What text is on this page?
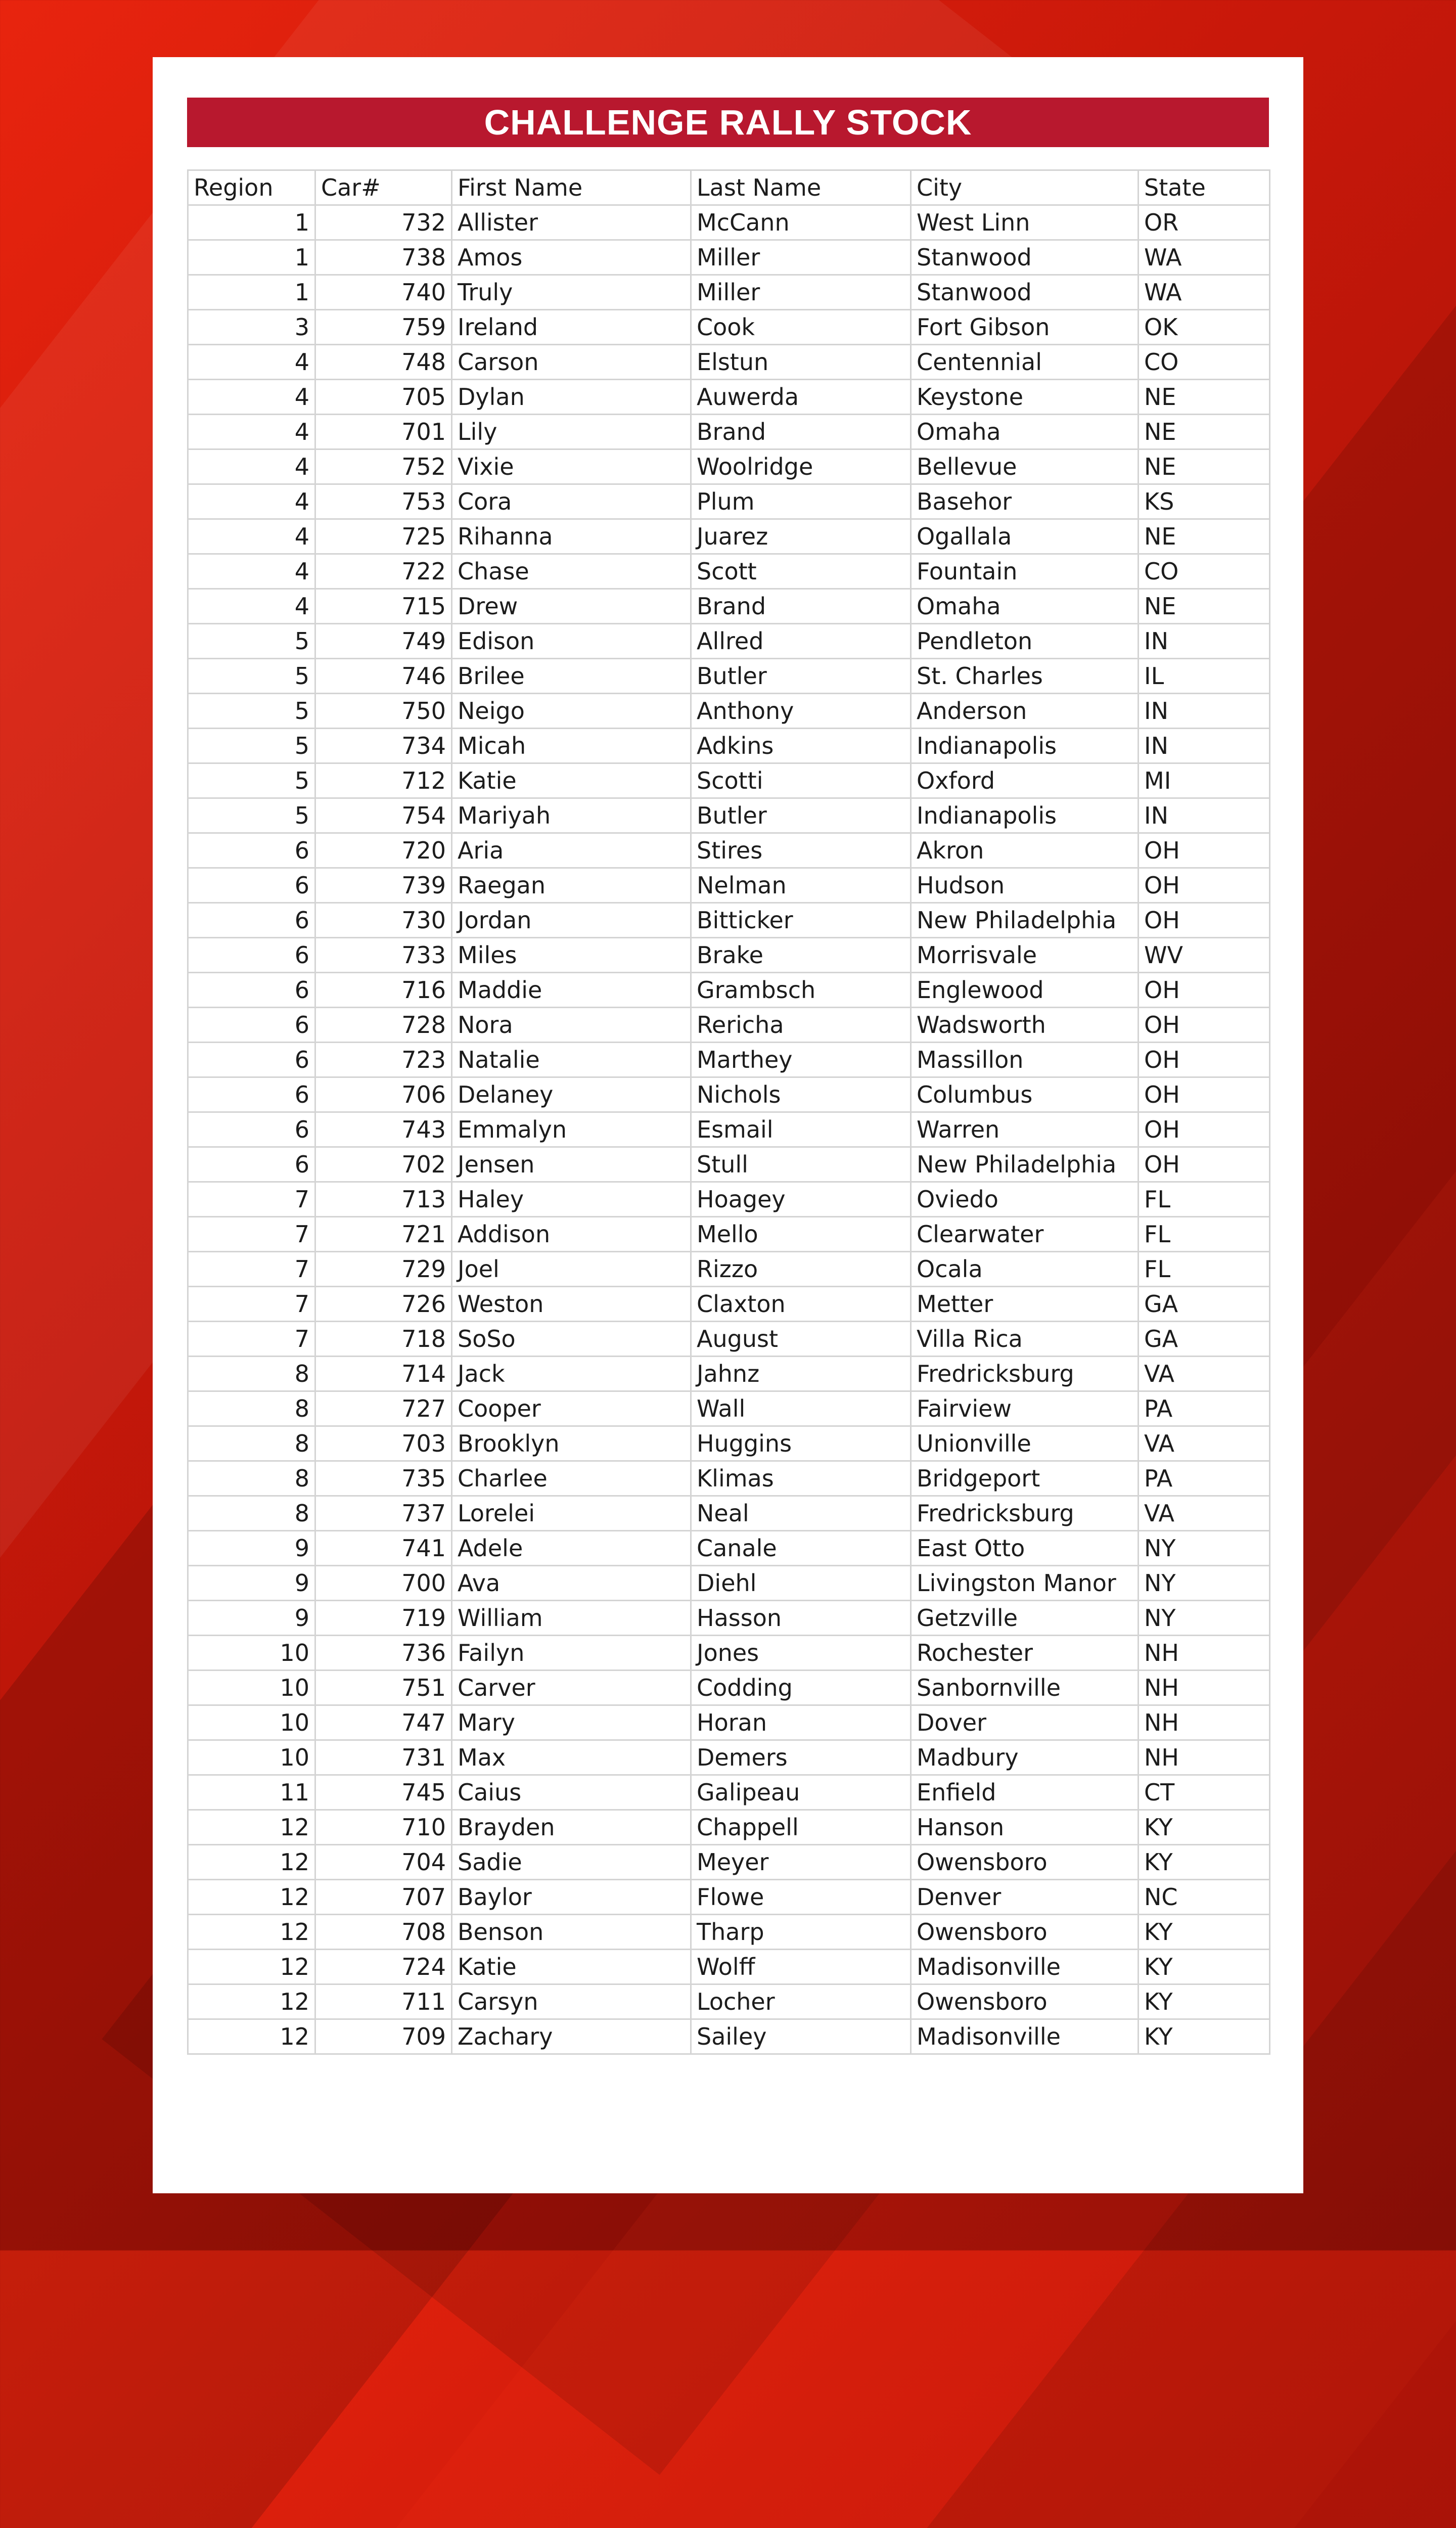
CHALLENGE RALLY STOCK
Region	Car#	First Name	Last Name	City	State
1	732	Allister	McCann	West Linn	OR
1	738	Amos	Miller	Stanwood	WA
1	740	Truly	Miller	Stanwood	WA
3	759	Ireland	Cook	Fort Gibson	OK
4	748	Carson	Elstun	Centennial	CO
4	705	Dylan	Auwerda	Keystone	NE
4	701	Lily	Brand	Omaha	NE
4	752	Vixie	Woolridge	Bellevue	NE
4	753	Cora	Plum	Basehor	KS
4	725	Rihanna	Juarez	Ogallala	NE
4	722	Chase	Scott	Fountain	CO
4	715	Drew	Brand	Omaha	NE
5	749	Edison	Allred	Pendleton	IN
5	746	Brilee	Butler	St. Charles	IL
5	750	Neigo	Anthony	Anderson	IN
5	734	Micah	Adkins	Indianapolis	IN
5	712	Katie	Scotti	Oxford	MI
5	754	Mariyah	Butler	Indianapolis	IN
6	720	Aria	Stires	Akron	OH
6	739	Raegan	Nelman	Hudson	OH
6	730	Jordan	Bitticker	New Philadelphia	OH
6	733	Miles	Brake	Morrisvale	WV
6	716	Maddie	Grambsch	Englewood	OH
6	728	Nora	Rericha	Wadsworth	OH
6	723	Natalie	Marthey	Massillon	OH
6	706	Delaney	Nichols	Columbus	OH
6	743	Emmalyn	Esmail	Warren	OH
6	702	Jensen	Stull	New Philadelphia	OH
7	713	Haley	Hoagey	Oviedo	FL
7	721	Addison	Mello	Clearwater	FL
7	729	Joel	Rizzo	Ocala	FL
7	726	Weston	Claxton	Metter	GA
7	718	SoSo	August	Villa Rica	GA
8	714	Jack	Jahnz	Fredricksburg	VA
8	727	Cooper	Wall	Fairview	PA
8	703	Brooklyn	Huggins	Unionville	VA
8	735	Charlee	Klimas	Bridgeport	PA
8	737	Lorelei	Neal	Fredricksburg	VA
9	741	Adele	Canale	East Otto	NY
9	700	Ava	Diehl	Livingston Manor	NY
9	719	William	Hasson	Getzville	NY
10	736	Failyn	Jones	Rochester	NH
10	751	Carver	Codding	Sanbornville	NH
10	747	Mary	Horan	Dover	NH
10	731	Max	Demers	Madbury	NH
11	745	Caius	Galipeau	Enfield	CT
12	710	Brayden	Chappell	Hanson	KY
12	704	Sadie	Meyer	Owensboro	KY
12	707	Baylor	Flowe	Denver	NC
12	708	Benson	Tharp	Owensboro	KY
12	724	Katie	Wolff	Madisonville	KY
12	711	Carsyn	Locher	Owensboro	KY
12	709	Zachary	Sailey	Madisonville	KY
